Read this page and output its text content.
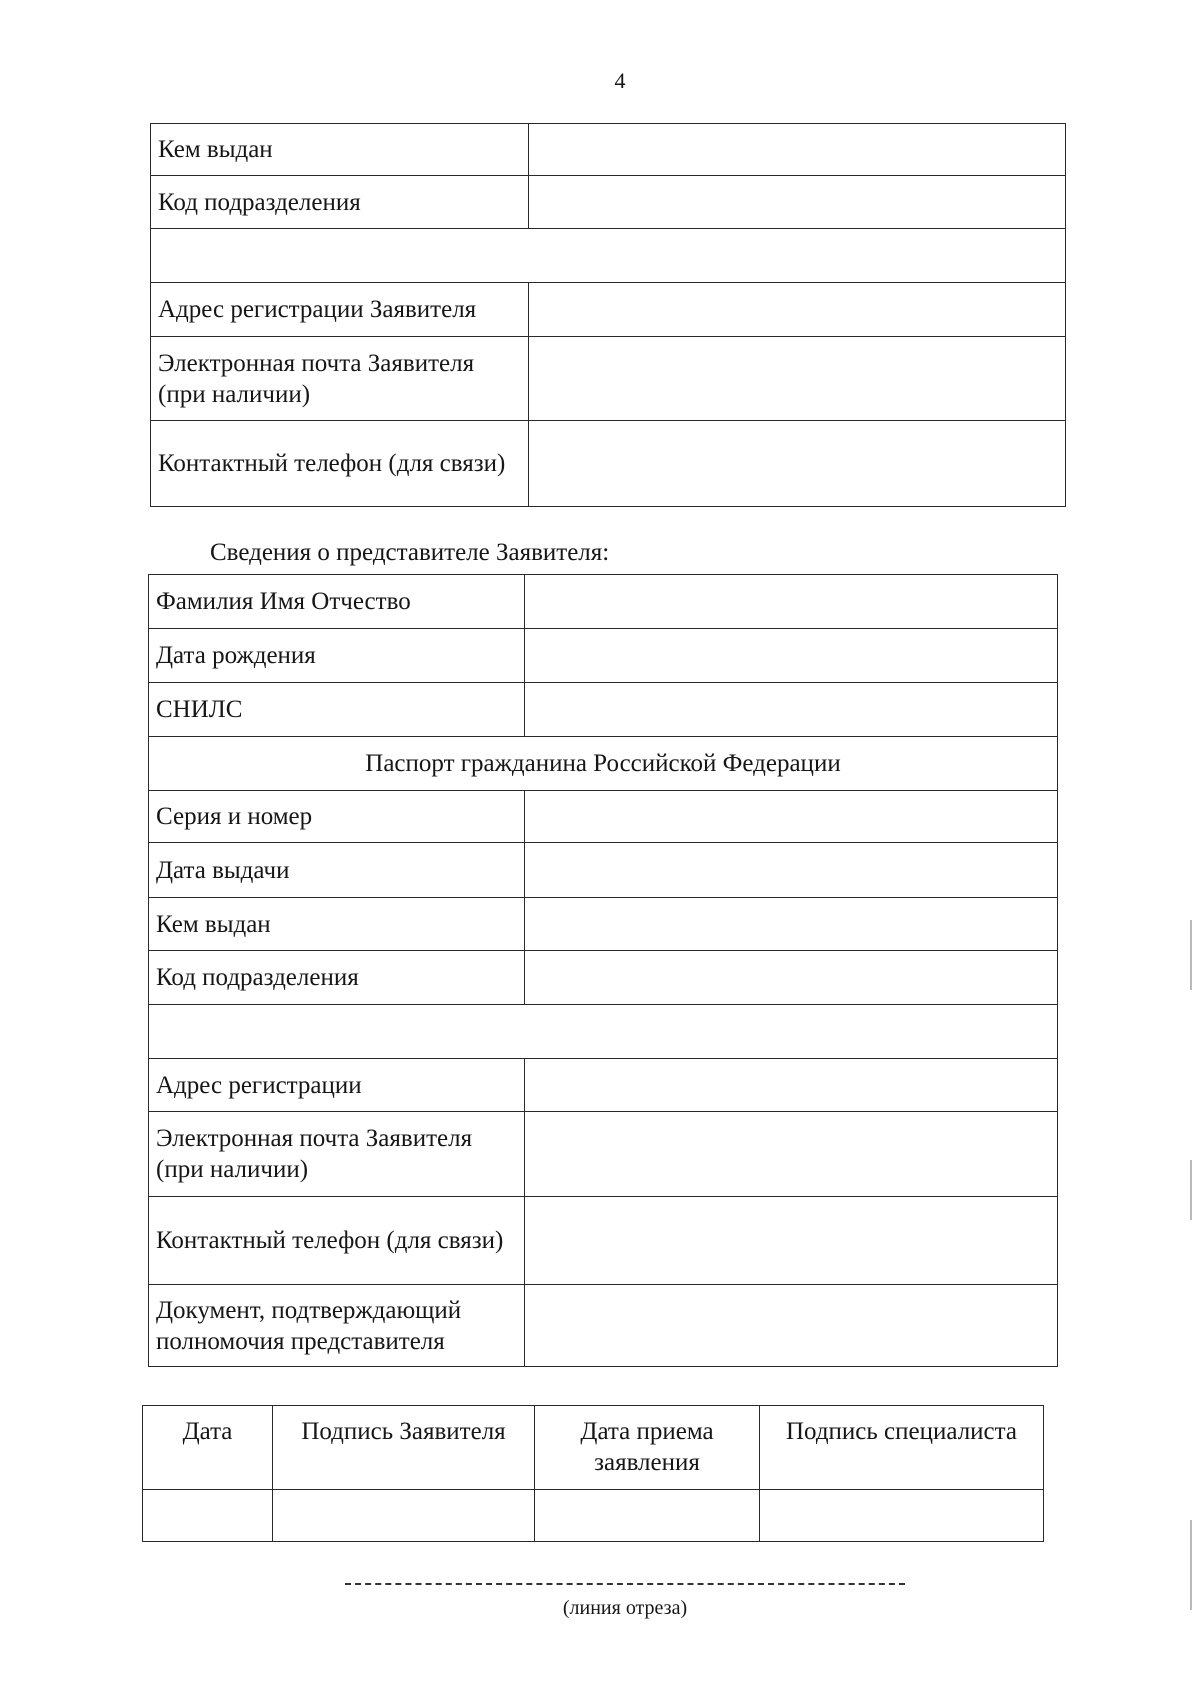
4
Кем выдан	
Код подразделения	

Адрес регистрации Заявителя	
Электронная почта Заявителя (при наличии)	
Контактный телефон (для связи)	
Сведения о представителе Заявителя:
Фамилия Имя Отчество	
Дата рождения	
СНИЛС	
Паспорт гражданина Российской Федерации	
Серия и номер	
Дата выдачи	
Кем выдан	
Код подразделения	

Адрес регистрации	
Электронная почта Заявителя (при наличии)	
Контактный телефон (для связи)	
Документ, подтверждающий полномочия представителя	
Дата	Подпись Заявителя	Дата приема заявления	Подпись специалиста

(линия отреза)
